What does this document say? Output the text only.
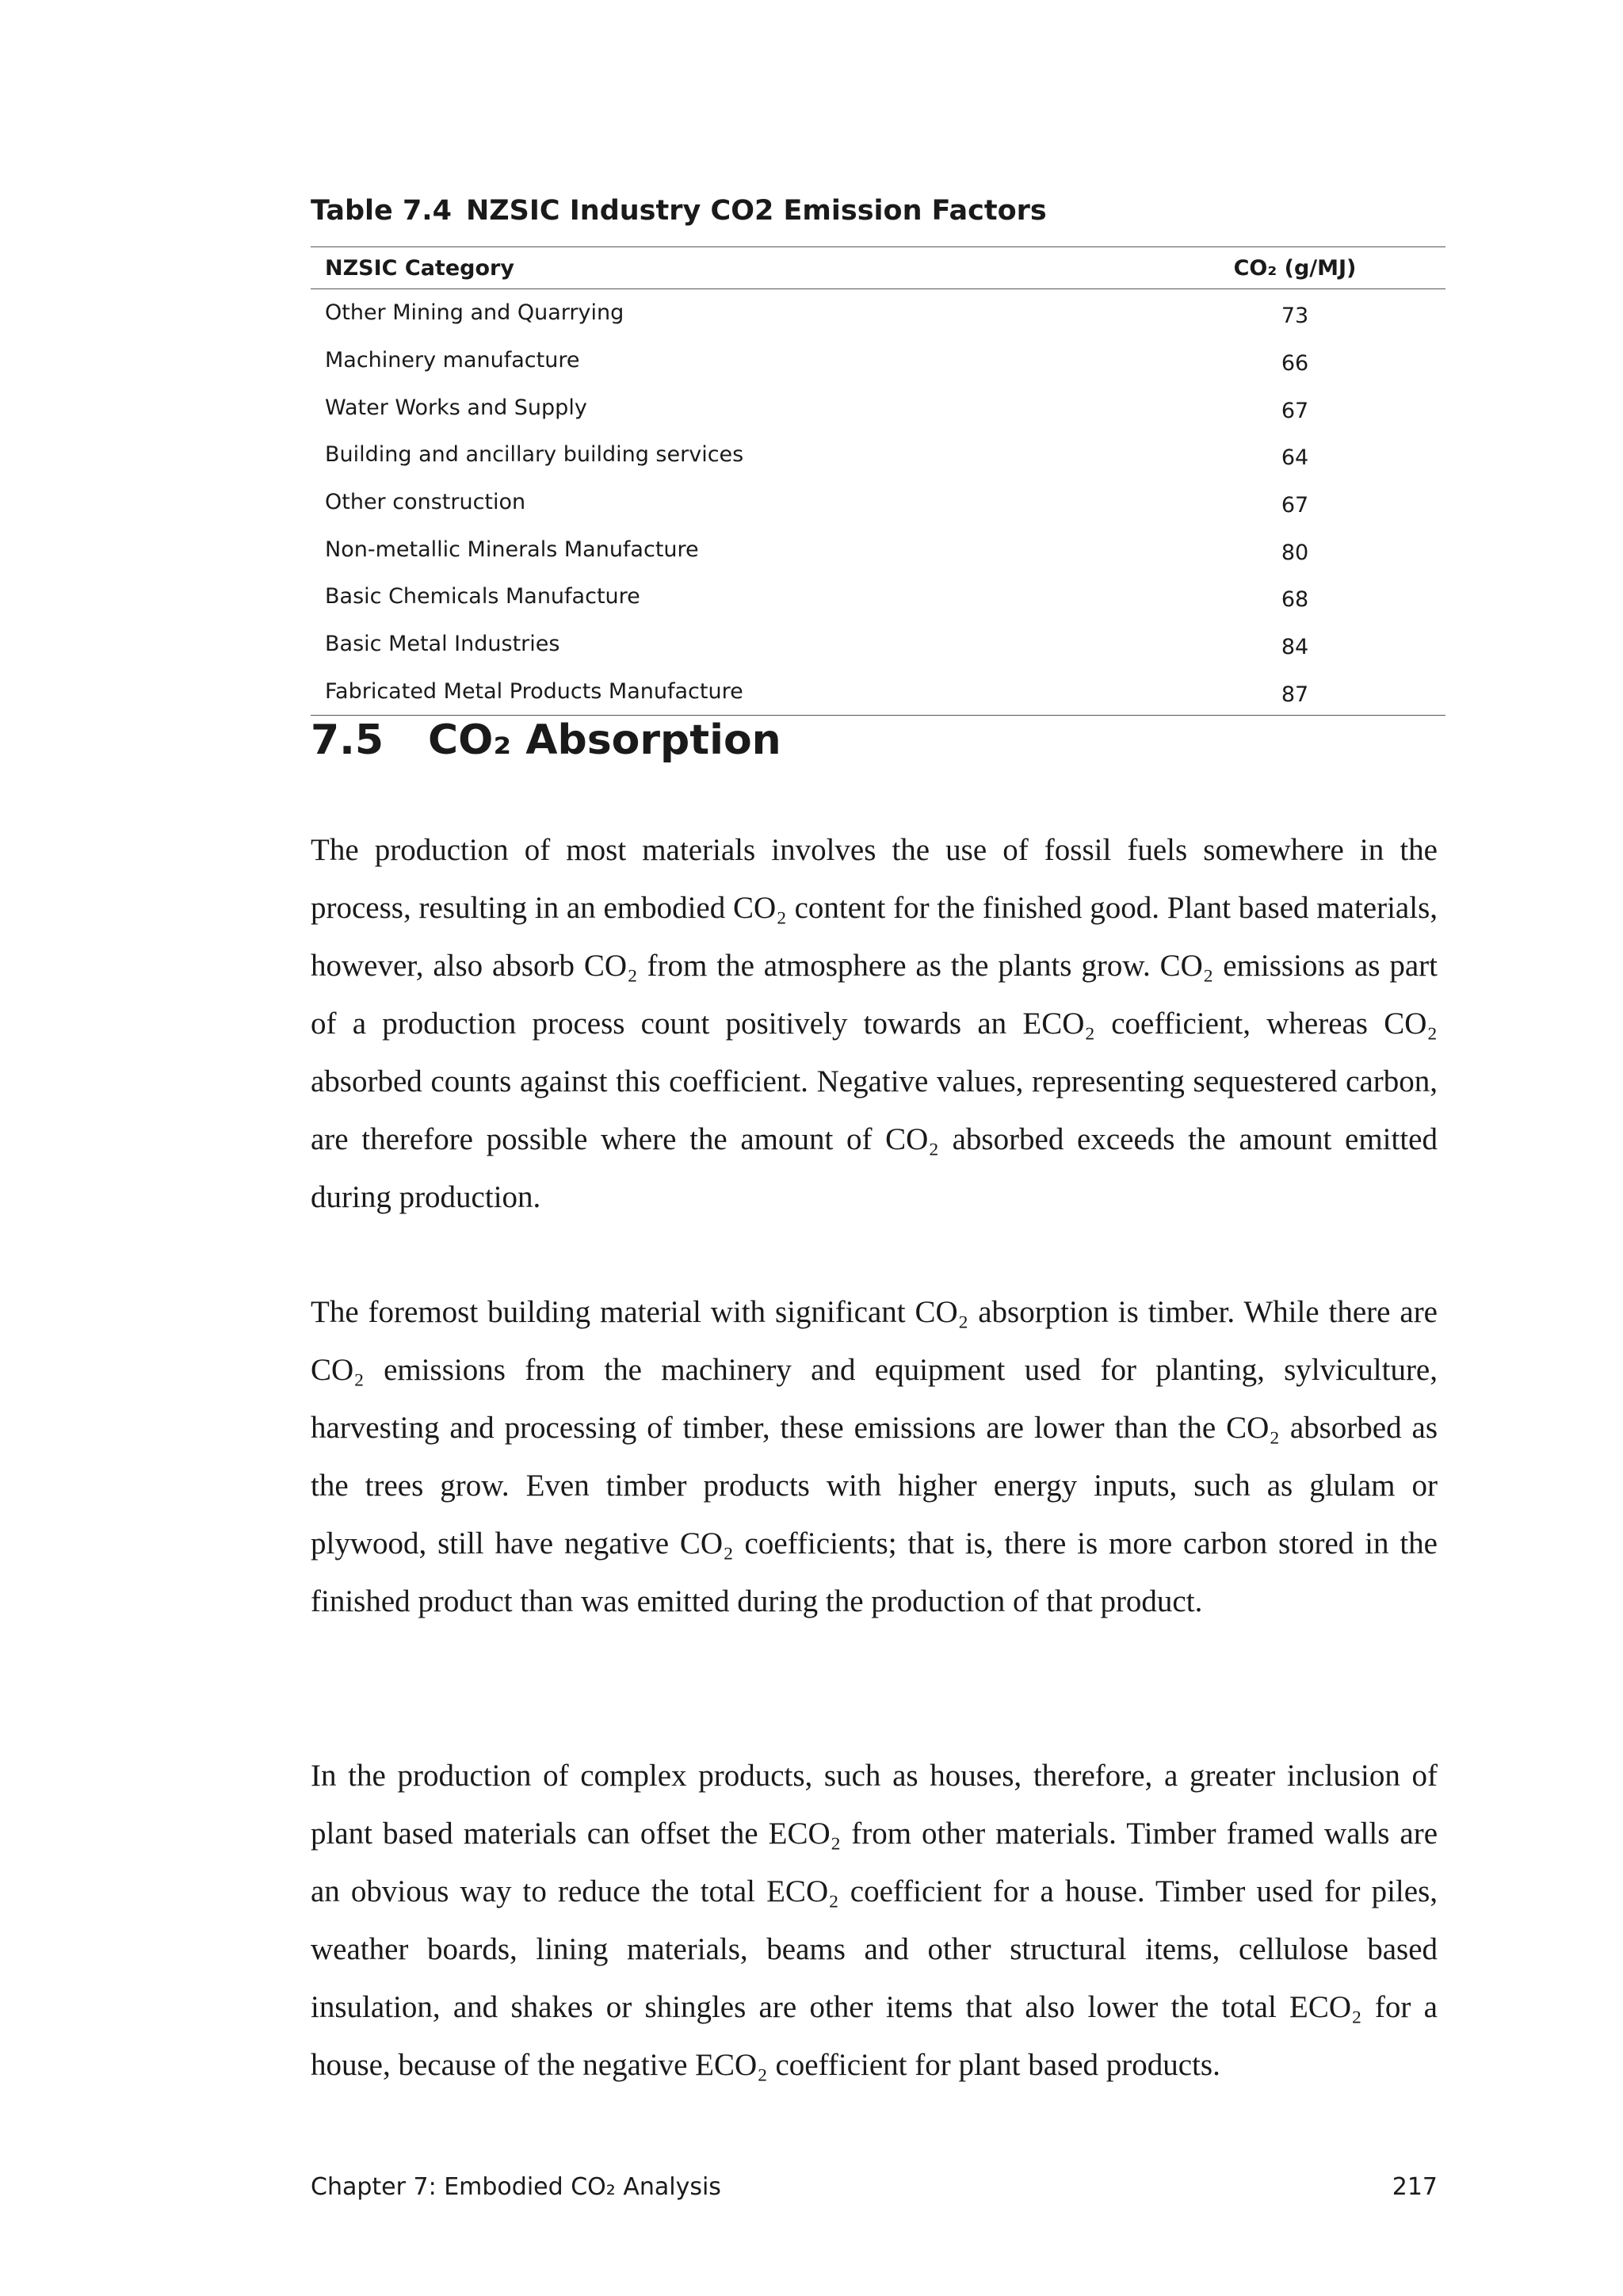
Table 7.4 NZSIC Industry CO2 Emission Factors
NZSIC Category	CO₂ (g/MJ)
Other Mining and Quarrying	73
Machinery manufacture	66
Water Works and Supply	67
Building and ancillary building services	64
Other construction	67
Non-metallic Minerals Manufacture	80
Basic Chemicals Manufacture	68
Basic Metal Industries	84
Fabricated Metal Products Manufacture	87
7.5 CO₂ Absorption

The production of most materials involves the use of fossil fuels somewhere in the process, resulting in an embodied CO₂ content for the finished good. Plant based materials, however, also absorb CO₂ from the atmosphere as the plants grow. CO₂ emissions as part of a production process count positively towards an ECO₂ coefficient, whereas CO₂ absorbed counts against this coefficient. Negative values, representing sequestered carbon, are therefore possible where the amount of CO₂ absorbed exceeds the amount emitted during production.

The foremost building material with significant CO₂ absorption is timber. While there are CO₂ emissions from the machinery and equipment used for planting, sylviculture, harvesting and processing of timber, these emissions are lower than the CO₂ absorbed as the trees grow. Even timber products with higher energy inputs, such as glulam or plywood, still have negative CO₂ coefficients; that is, there is more carbon stored in the finished product than was emitted during the production of that product.

In the production of complex products, such as houses, therefore, a greater inclusion of plant based materials can offset the ECO₂ from other materials. Timber framed walls are an obvious way to reduce the total ECO₂ coefficient for a house. Timber used for piles, weather boards, lining materials, beams and other structural items, cellulose based insulation, and shakes or shingles are other items that also lower the total ECO₂ for a house, because of the negative ECO₂ coefficient for plant based products.

Chapter 7: Embodied CO₂ Analysis	217
